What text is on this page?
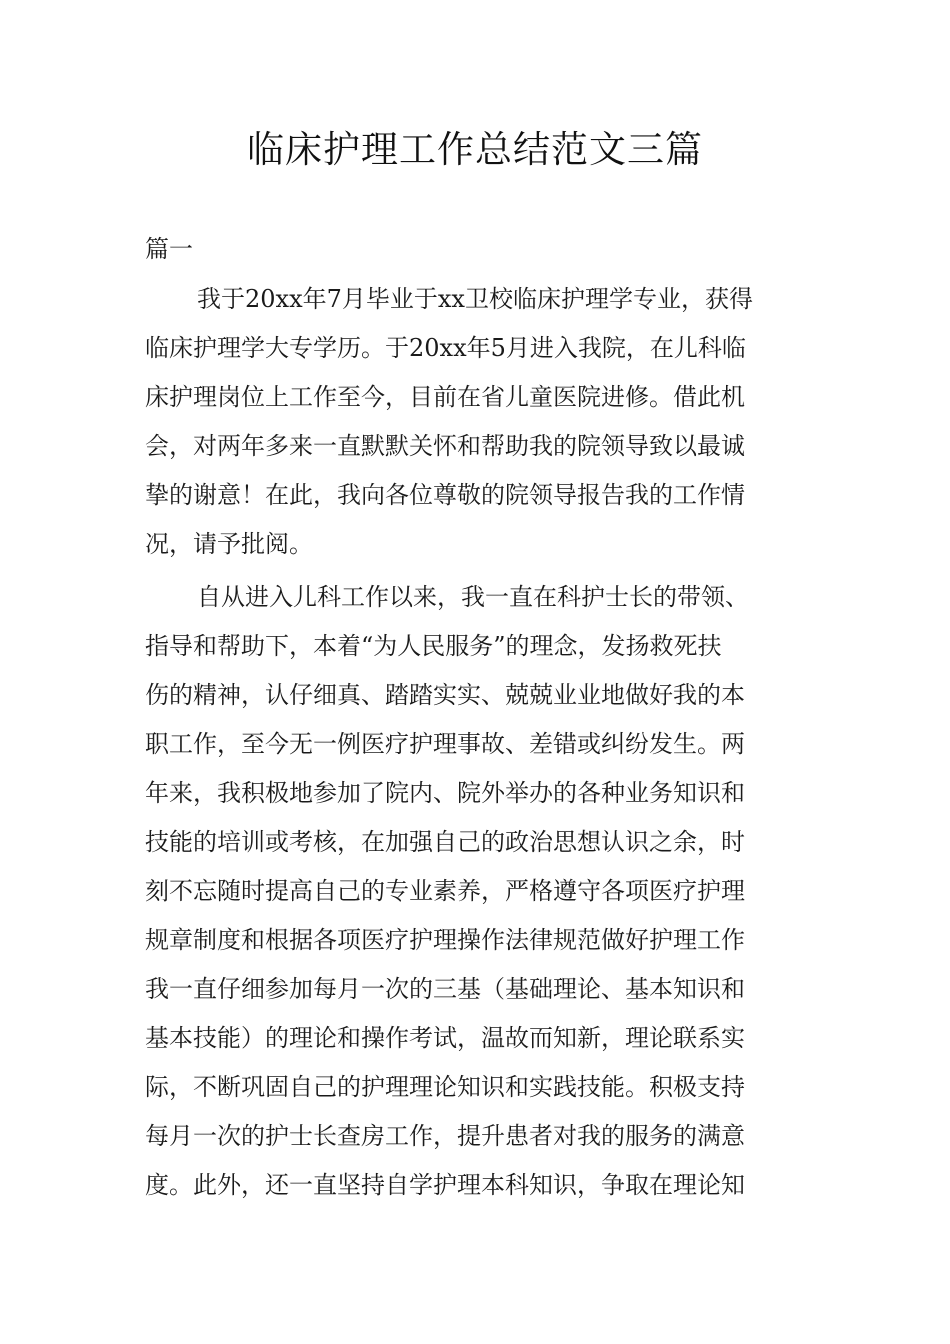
临床护理工作总结范文三篇

篇一

我于20xx年7月毕业于xx卫校临床护理学专业，获得
临床护理学大专学历。于20xx年5月进入我院，在儿科临
床护理岗位上工作至今，目前在省儿童医院进修。借此机
会，对两年多来一直默默关怀和帮助我的院领导致以最诚
挚的谢意！在此，我向各位尊敬的院领导报告我的工作情
况，请予批阅。
自从进入儿科工作以来，我一直在科护士长的带领、
指导和帮助下，本着“为人民服务”的理念，发扬救死扶
伤的精神，认仔细真、踏踏实实、兢兢业业地做好我的本
职工作，至今无一例医疗护理事故、差错或纠纷发生。两
年来，我积极地参加了院内、院外举办的各种业务知识和
技能的培训或考核，在加强自己的政治思想认识之余，时
刻不忘随时提高自己的专业素养，严格遵守各项医疗护理
规章制度和根据各项医疗护理操作法律规范做好护理工作
我一直仔细参加每月一次的三基（基础理论、基本知识和
基本技能）的理论和操作考试，温故而知新，理论联系实
际，不断巩固自己的护理理论知识和实践技能。积极支持
每月一次的护士长查房工作，提升患者对我的服务的满意
度。此外，还一直坚持自学护理本科知识，争取在理论知
